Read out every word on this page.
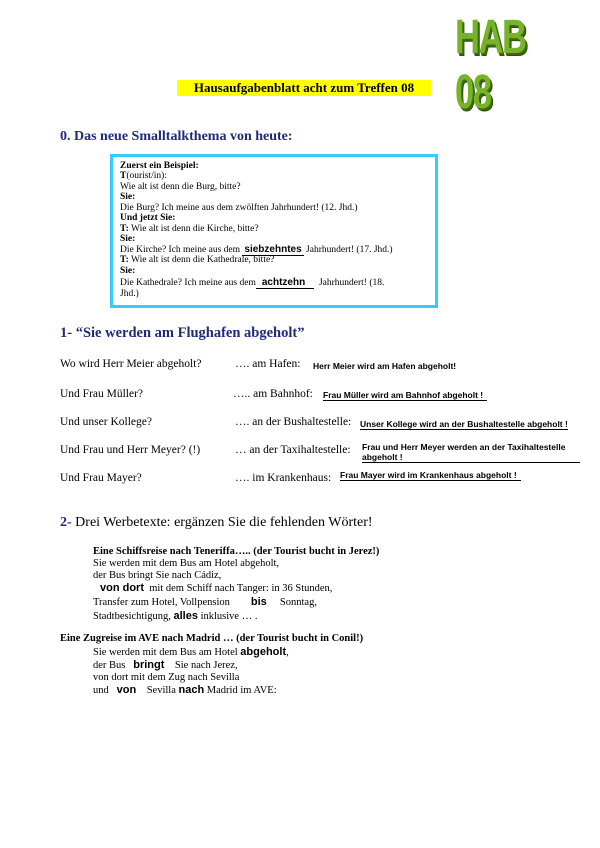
HAB 08
Hausaufgabenblatt acht zum Treffen 08
0. Das neue Smalltalkthema von heute:
Zuerst ein Beispiel:
T(ourist/in):
Wie alt ist denn die Burg, bitte?
Sie:
Die Burg? Ich meine aus dem zwölften Jahrhundert! (12. Jhd.)
Und jetzt Sie:
T: Wie alt ist denn die Kirche, bitte?
Sie:
Die Kirche? Ich meine aus dem siebzehntes Jahrhundert! (17. Jhd.)
T: Wie alt ist denn die Kathedrale, bitte?
Sie:
Die Kathedrale? Ich meine aus dem achtzehn Jahrhundert! (18.
Jhd.)
1- “Sie werden am Flughafen abgeholt”
Wo wird Herr Meier abgeholt?	…. am Hafen: Herr Meier wird am Hafen abgeholt!
Und Frau Müller?	….. am Bahnhof: Frau Müller wird am Bahnhof abgeholt !
Und unser Kollege?	…. an der Bushaltestelle: Unser Kollege wird an der Bushaltestelle abgeholt !
Und Frau und Herr Meyer? (!)	… an der Taxihaltestelle: Frau und Herr Meyer werden an der Taxihaltestelle
abgeholt !
Und Frau Mayer?	…. im Krankenhaus: Frau Mayer wird im Krankenhaus abgeholt !
2- Drei Werbetexte: ergänzen Sie die fehlenden Wörter!
Eine Schiffsreise nach Teneriffa….. (der Tourist bucht in Jerez!)
Sie werden mit dem Bus am Hotel abgeholt,
der Bus bringt Sie nach Cádiz,
von dort mit dem Schiff nach Tanger: in 36 Stunden,
Transfer zum Hotel, Vollpension bis Sonntag,
Stadtbesichtigung, alles inklusive … .
Eine Zugreise im AVE nach Madrid … (der Tourist bucht in Conil!)
Sie werden mit dem Bus am Hotel abgeholt,
der Bus bringt Sie nach Jerez,
von dort mit dem Zug nach Sevilla
und von Sevilla nach Madrid im AVE:
